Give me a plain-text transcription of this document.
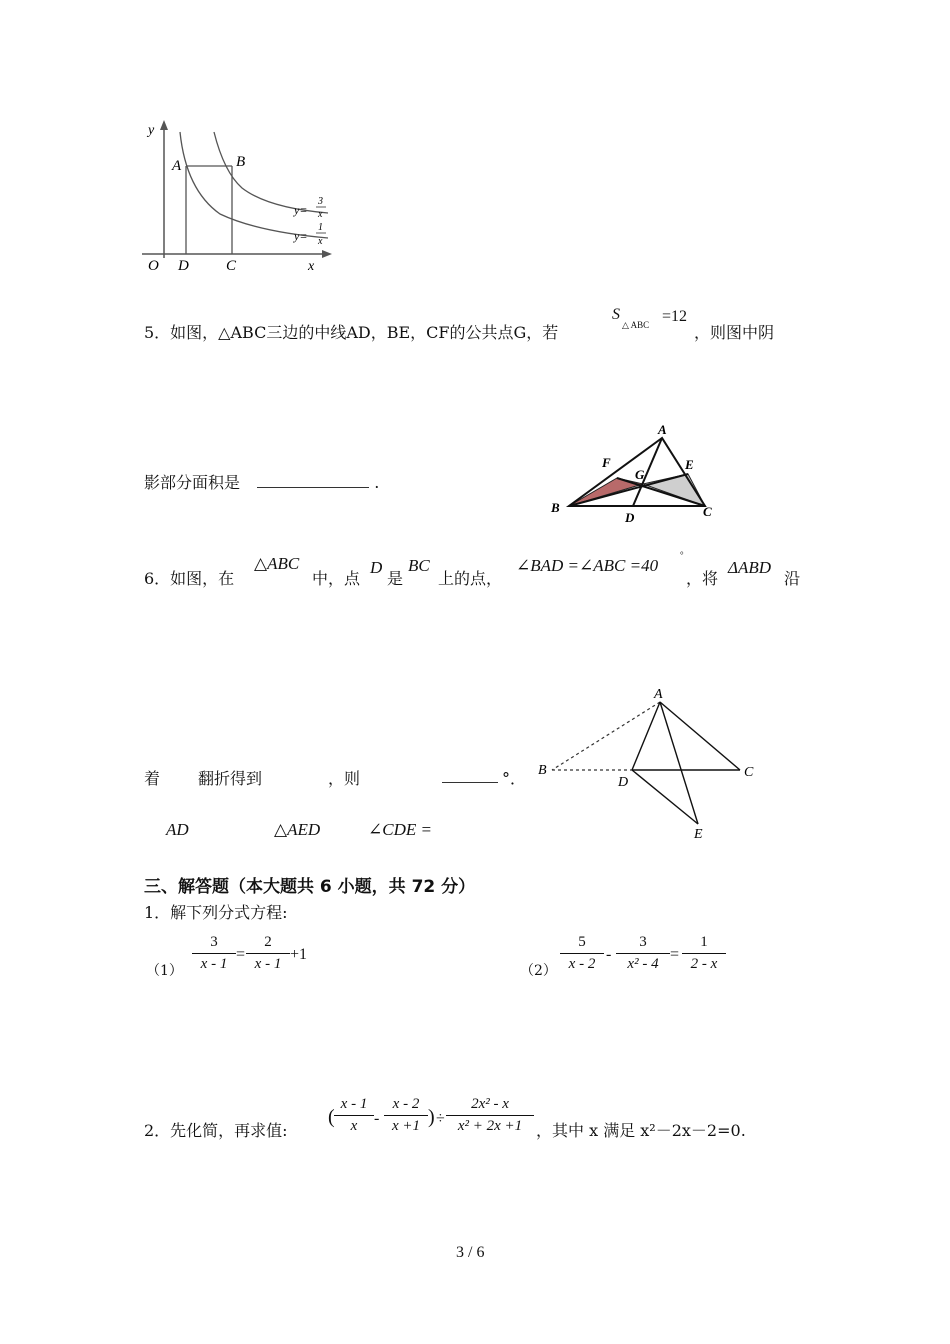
y
A	B
O D C	x
y=
3
x
y=
1
x
5．如图，△ABC三边的中线AD，BE，CF的公共点G，若
S
△ ABC =12
，则图中阴
影部分面积是	.
A
F
G
E
B
D	C
6．如图，在
△ABC
中，点
D
是
BC
上的点，
∠BAD =∠ABC =40
°
，将
ΔABD
沿
着 翻折得到	，则	°．
AD	△AED	∠CDE =
A
B
D
C
E
三、解答题（本大题共 6 小题，共 72 分）
1．解下列分式方程:
$(1) \frac{3}{x - 1} = \frac{2}{x - 1} +1$
$(2) \frac{5}{x - 2} - \frac{3}{\text{x² - 4}} = \frac{1}{2 - x}$
2．先化简，再求值:
( $\frac{x - 1}{x} - \frac{x - 2}{x +1}$ ) ÷ $\frac{\text{2x² - x}}{\text{x² + 2x +1}}$ ，其中 x 满足 x²－2x－2=0.
3 / 6
